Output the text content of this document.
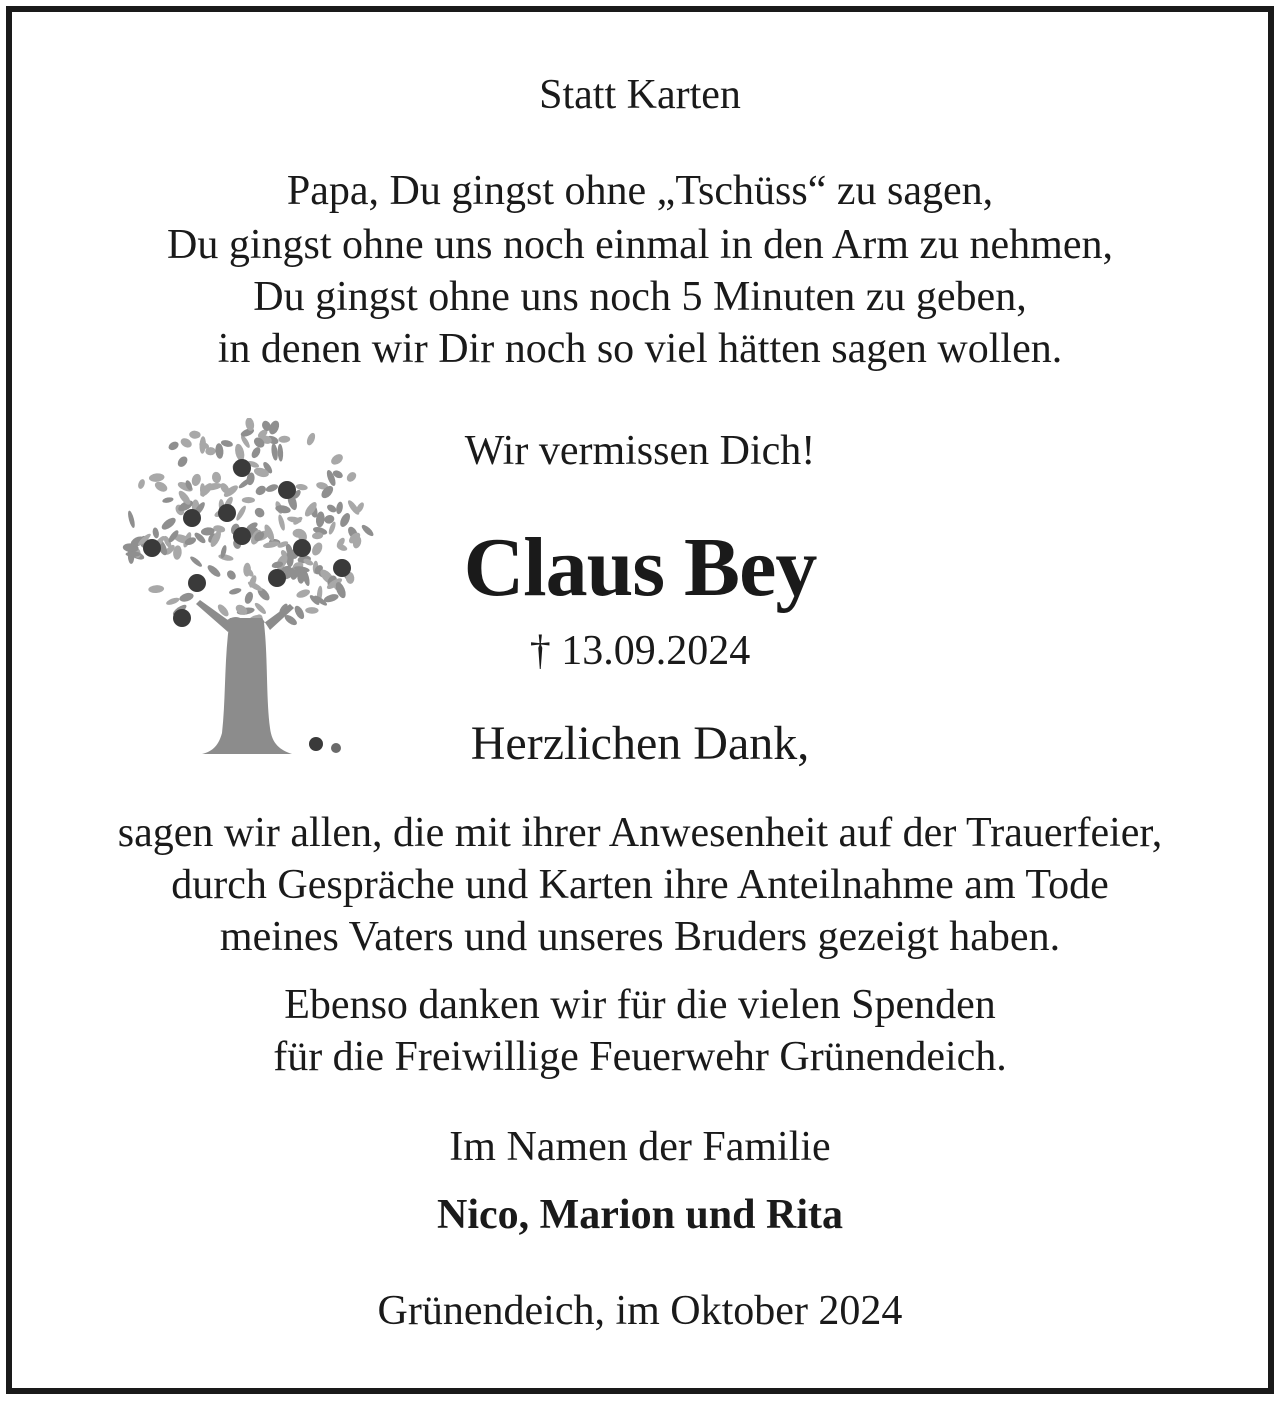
Statt Karten
Papa, Du gingst ohne „Tschüss“ zu sagen,
Du gingst ohne uns noch einmal in den Arm zu nehmen,
Du gingst ohne uns noch 5 Minuten zu geben,
in denen wir Dir noch so viel hätten sagen wollen.
Wir vermissen Dich!
Claus Bey
† 13.09.2024
Herzlichen Dank,
sagen wir allen, die mit ihrer Anwesenheit auf der Trauerfeier,
durch Gespräche und Karten ihre Anteilnahme am Tode
meines Vaters und unseres Bruders gezeigt haben.
Ebenso danken wir für die vielen Spenden
für die Freiwillige Feuerwehr Grünendeich.
Im Namen der Familie
Nico, Marion und Rita
Grünendeich, im Oktober 2024
